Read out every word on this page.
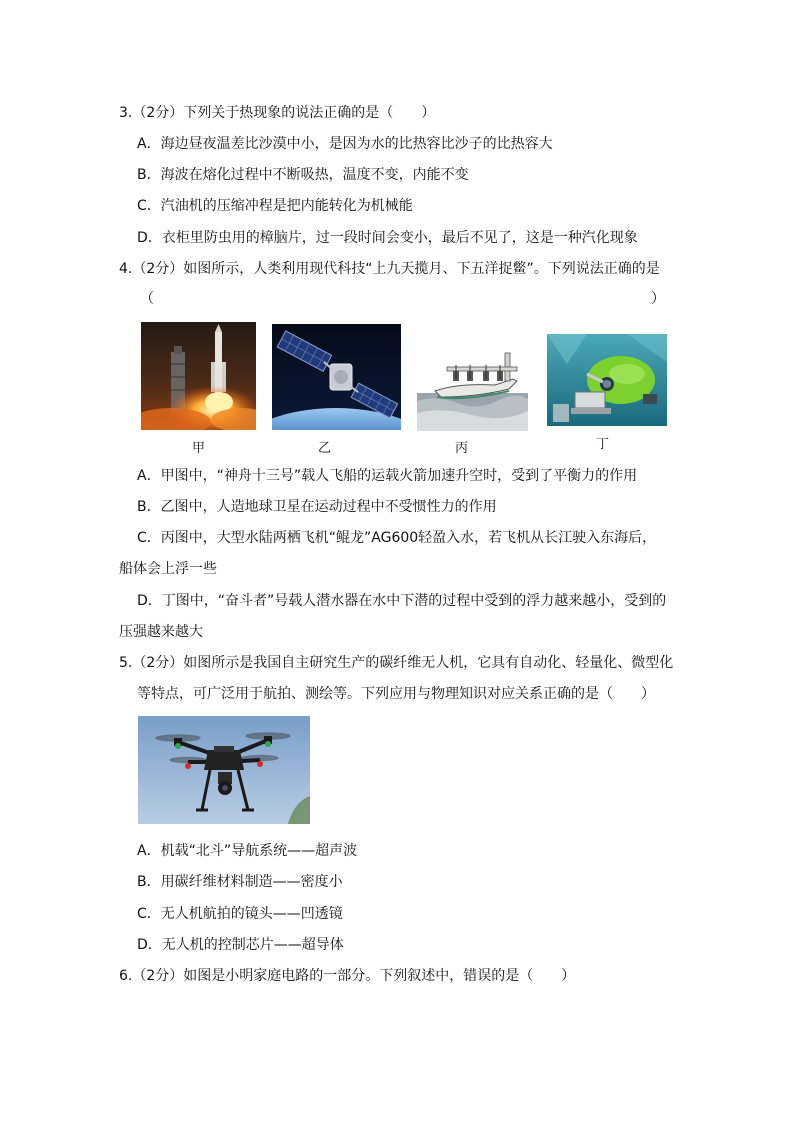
3.（2分）下列关于热现象的说法正确的是（　　）
A．海边昼夜温差比沙漠中小，是因为水的比热容比沙子的比热容大
B．海波在熔化过程中不断吸热，温度不变，内能不变
C．汽油机的压缩冲程是把内能转化为机械能
D．衣柜里防虫用的樟脑片，过一段时间会变小，最后不见了，这是一种汽化现象
4.（2分）如图所示，人类利用现代科技“上九天揽月、下五洋捉鳖”。下列说法正确的是
（	）
甲	乙	丙	丁
A．甲图中，“神舟十三号”载人飞船的运载火箭加速升空时，受到了平衡力的作用
B．乙图中，人造地球卫星在运动过程中不受惯性力的作用
C．丙图中，大型水陆两栖飞机“鲲龙”AG600轻盈入水，若飞机从长江驶入东海后，
船体会上浮一些
D．丁图中，“奋斗者”号载人潜水器在水中下潜的过程中受到的浮力越来越小，受到的
压强越来越大
5.（2分）如图所示是我国自主研究生产的碳纤维无人机，它具有自动化、轻量化、微型化
等特点，可广泛用于航拍、测绘等。下列应用与物理知识对应关系正确的是（　　）
A．机载“北斗”导航系统——超声波
B．用碳纤维材料制造——密度小
C．无人机航拍的镜头——凹透镜
D．无人机的控制芯片——超导体
6.（2分）如图是小明家庭电路的一部分。下列叙述中，错误的是（　　）
